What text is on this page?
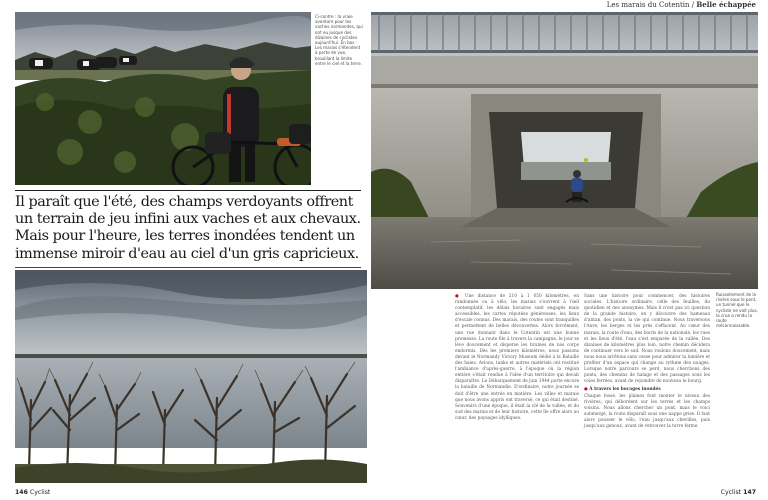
Ci-contre : la vraie aventure pour les vaches normandes, qui ont eu jusque des dizaines de cyclistes aujourd'hui. En bas : Les marais s'étendent à perte de vue, brouillant la limite entre le ciel et la terre.

Il paraît que l'été, des champs verdoyants offrent un terrain de jeu infini aux vaches et aux chevaux. Mais pour l'heure, les terres inondées tendent un immense miroir d'eau au ciel d'un gris capricieux.

Les marais du Cotentin / Belle échappée

Ruissellement de la rivière sous le pont, un tunnel que le cycliste ne voit plus, la crue a rendu la route méconnaissable.

● Une distance de 210 à 1 050 kilomètres, en randonnée ou à vélo, les marais s'ouvrent à l'œil contemplatif, les délais horaires sont engagés mais accessibles, les cartes réputées généreuses, les lieux d'escale connus. Des marais, des routes sont tranquilles et permettent de belles découvertes. Alors forcément, une rue donnant dans le Cotentin est une bonne promesse. La route file à travers la campagne, le jour se lève doucement et disperse les brumes de nos corps endormis. Dès les premiers kilomètres, nous passons devant le Normandy Victory Museum dédié à la Bataille des haies. Avions, tanks et autres matériels ont restitué l'ambiance d'après-guerre, à l'époque où la région entière s'était rendue à l'idée d'un territoire qui devait disparaître. Le Débarquement de juin 1944 porte encore la bataille de Normandie. D'ordinaire, notre journée se doit d'être une entrée en matière. Les villes et marais que nous avons appris ont traversé, ce qui était destiné. Souvenirs d'une époque, il était la clé de la vallée, et du sud des marais et de leur histoire, cette île offre alors au cœur, des paysages idylliques.

Sans une histoire pour commencer, des histoires sociales. L'histoire ordinaire, celle des feuilles, du quotidien et des anonymes. Mais il n'est pas ici question de la grande histoire, on y découvre des hameaux d'antan, des ponts, la vie qui continue. Nous traversons l'Aure, les berges et les prés s'effacent. Au cœur des marais, la route d'eau, des bords de la nationale, les rues et les lieux d'été, l'eau s'est emparée de la vallée. Des dizaines de kilomètres plus loin, notre chemin décidera de continuer vers le sud. Nous roulons doucement, mais nous nous arrêtons sans cesse pour admirer la lumière et profiter d'un espace qui change au rythme des nuages. Lorsque notre parcours se perd, nous cherchons des ponts, des chemins de halage et des passages sous les voies ferrées, avant de rejoindre de nouveau le bourg.

● À travers les bocages inondés

Chaque fossé, les plaines font monter le niveau des rivières, qui débordent sur les terres et les champs voisins. Nous allons chercher un pont, mais le voici submergé, la route disparaît sous une nappe grise. Il faut alors pousser le vélo, l'eau jusqu'aux chevilles, puis jusqu'aux genoux, avant de retrouver la terre ferme.

146 Cyclist	Cyclist 147
